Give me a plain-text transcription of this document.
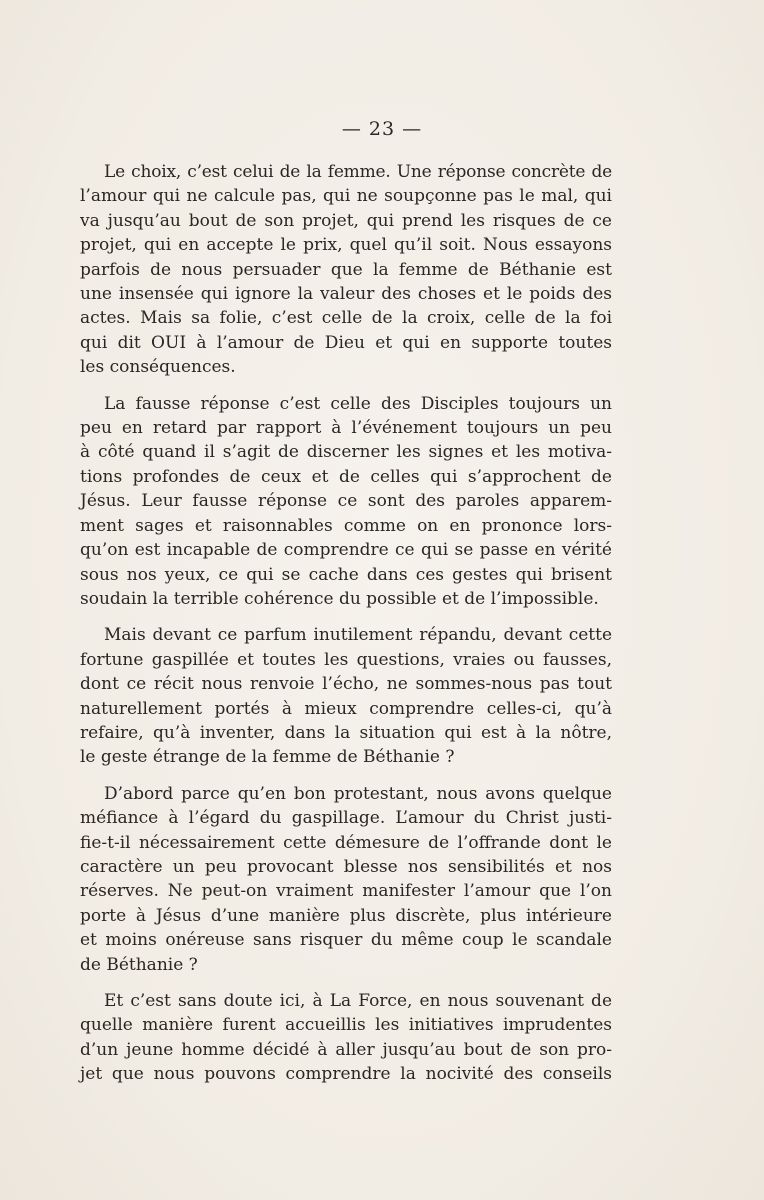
— 23 —

Le choix, c’est celui de la femme. Une réponse concrète de
l’amour qui ne calcule pas, qui ne soupçonne pas le mal, qui
va jusqu’au bout de son projet, qui prend les risques de ce
projet, qui en accepte le prix, quel qu’il soit. Nous essayons
parfois de nous persuader que la femme de Béthanie est
une insensée qui ignore la valeur des choses et le poids des
actes. Mais sa folie, c’est celle de la croix, celle de la foi
qui dit OUI à l’amour de Dieu et qui en supporte toutes
les conséquences.

La fausse réponse c’est celle des Disciples toujours un
peu en retard par rapport à l’événement toujours un peu
à côté quand il s’agit de discerner les signes et les motiva-
tions profondes de ceux et de celles qui s’approchent de
Jésus. Leur fausse réponse ce sont des paroles apparem-
ment sages et raisonnables comme on en prononce lors-
qu’on est incapable de comprendre ce qui se passe en vérité
sous nos yeux, ce qui se cache dans ces gestes qui brisent
soudain la terrible cohérence du possible et de l’impossible.

Mais devant ce parfum inutilement répandu, devant cette
fortune gaspillée et toutes les questions, vraies ou fausses,
dont ce récit nous renvoie l’écho, ne sommes-nous pas tout
naturellement portés à mieux comprendre celles-ci, qu’à
refaire, qu’à inventer, dans la situation qui est à la nôtre,
le geste étrange de la femme de Béthanie ?

D’abord parce qu’en bon protestant, nous avons quelque
méfiance à l’égard du gaspillage. L’amour du Christ justi-
fie-t-il nécessairement cette démesure de l’offrande dont le
caractère un peu provocant blesse nos sensibilités et nos
réserves. Ne peut-on vraiment manifester l’amour que l’on
porte à Jésus d’une manière plus discrète, plus intérieure
et moins onéreuse sans risquer du même coup le scandale
de Béthanie ?

Et c’est sans doute ici, à La Force, en nous souvenant de
quelle manière furent accueillis les initiatives imprudentes
d’un jeune homme décidé à aller jusqu’au bout de son pro-
jet que nous pouvons comprendre la nocivité des conseils
